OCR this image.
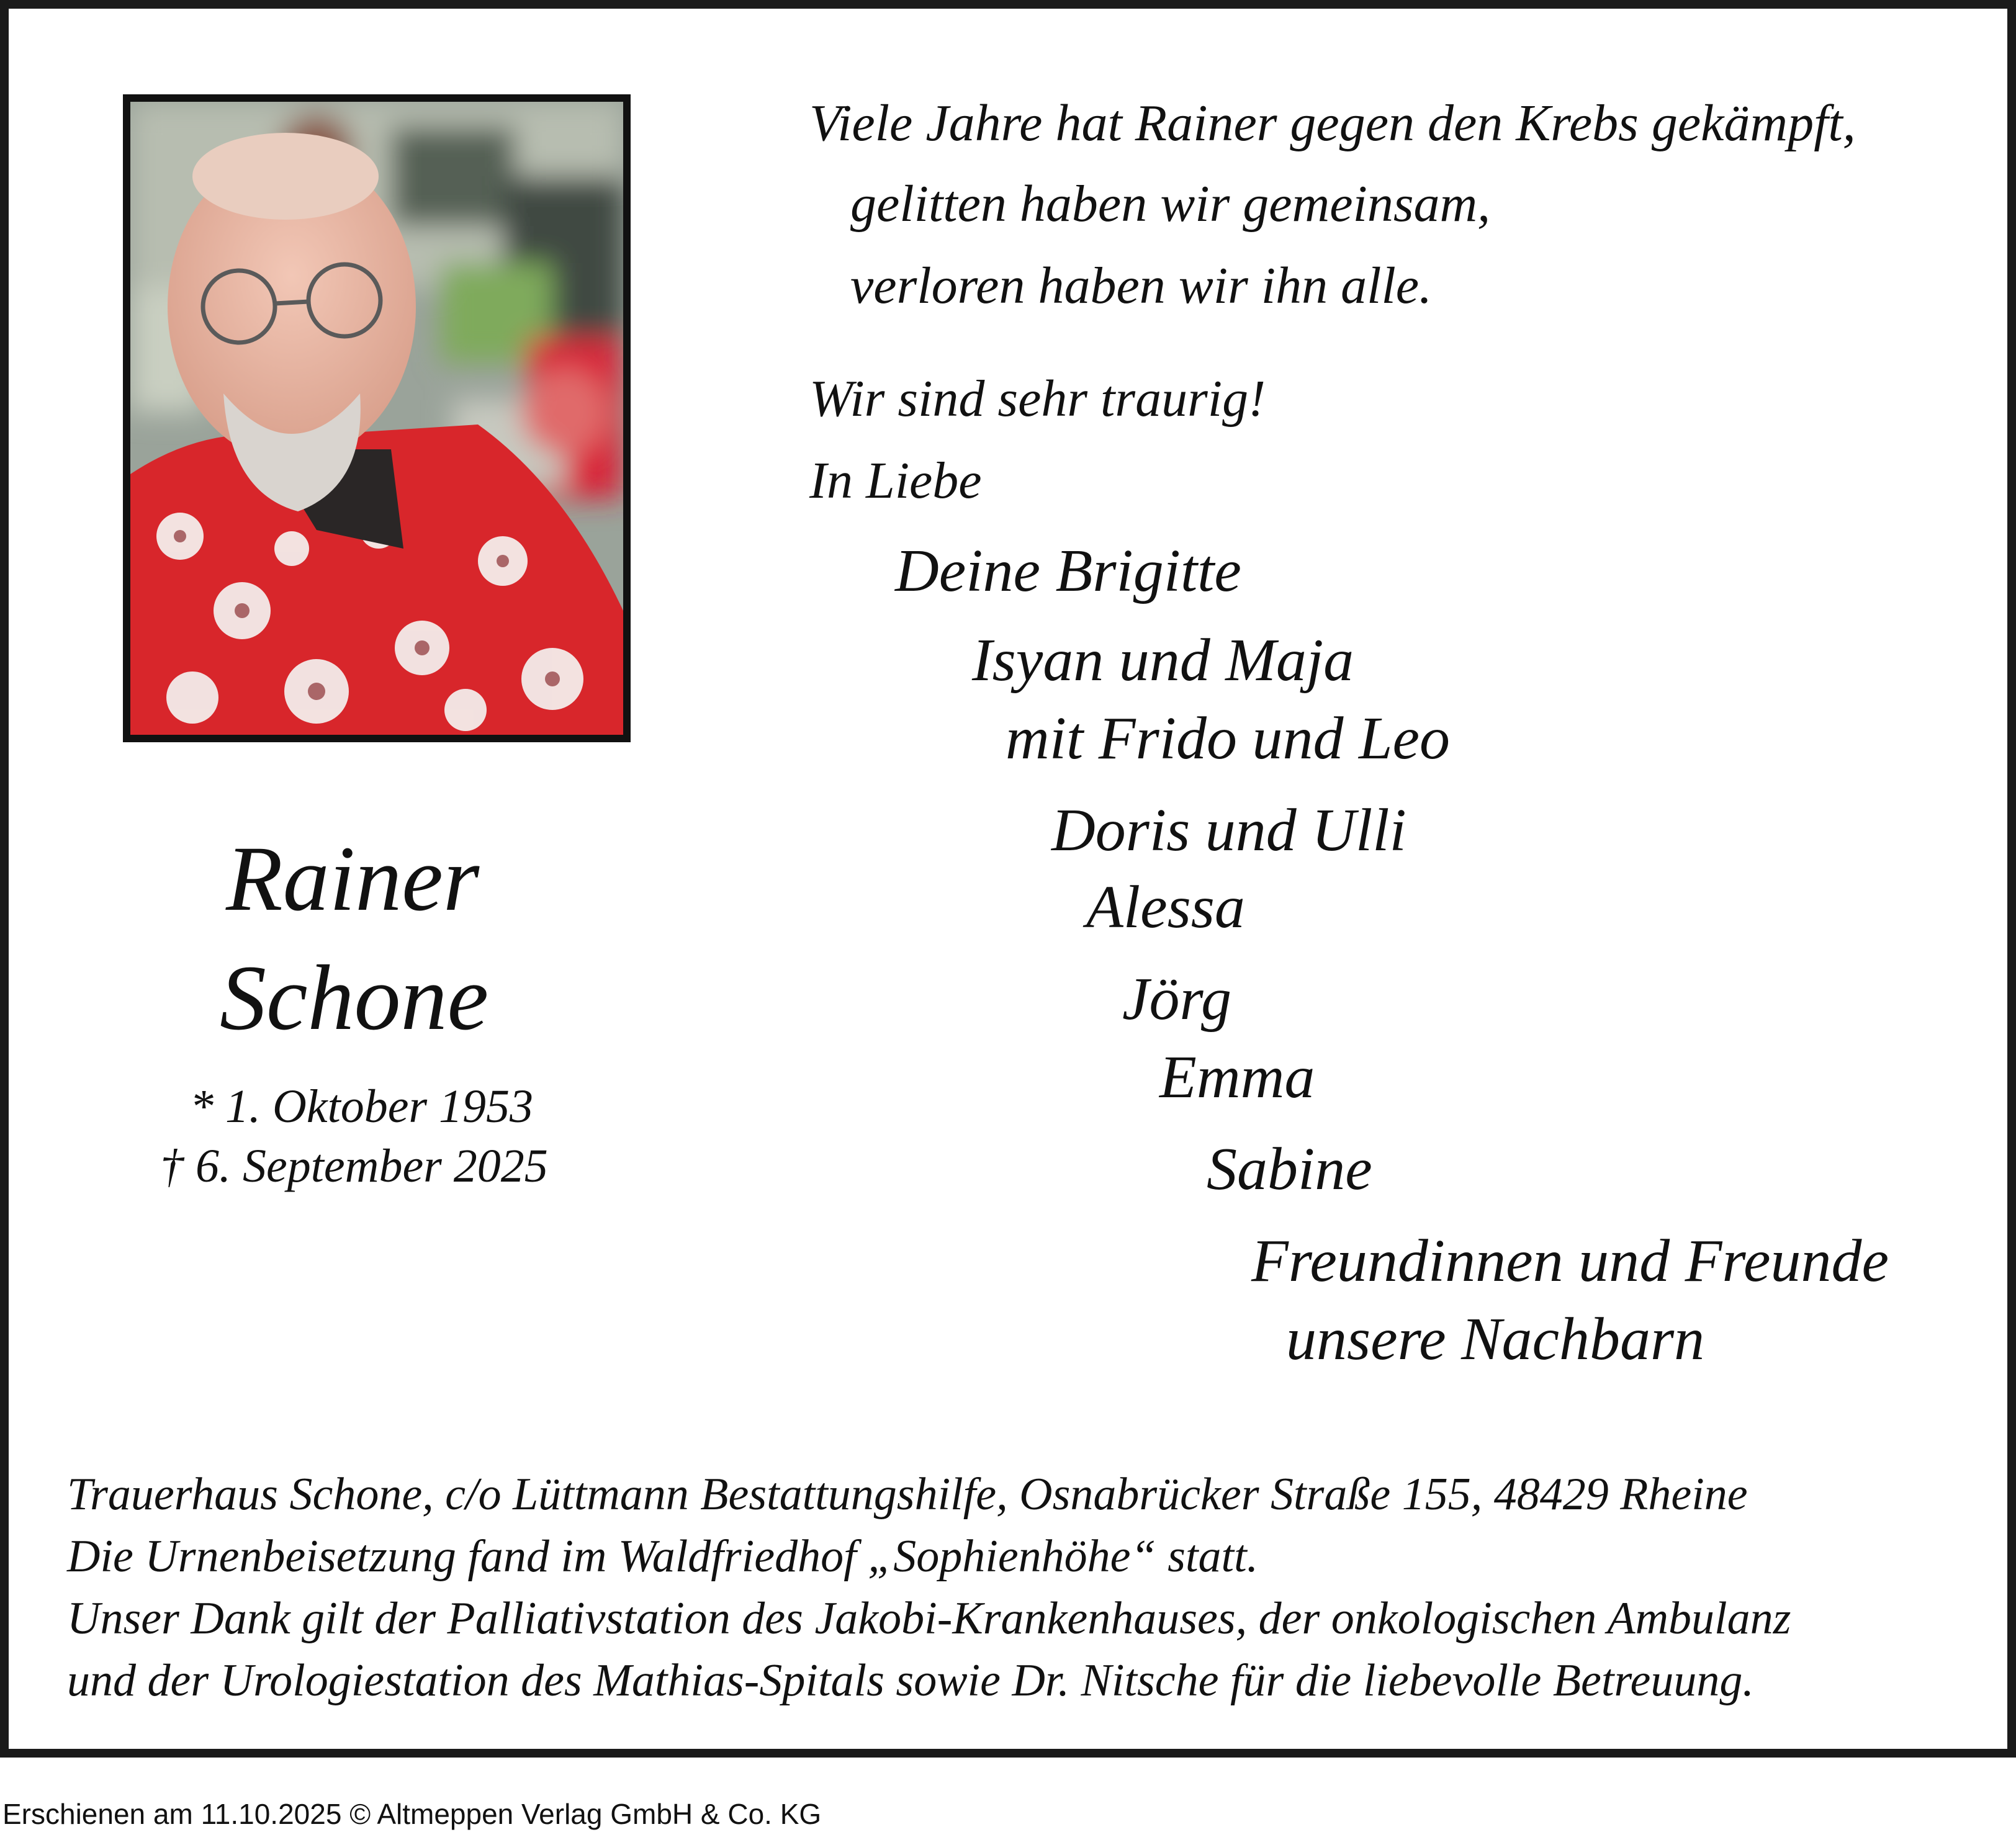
Rainer
Schone
* 1. Oktober 1953
† 6. September 2025
Viele Jahre hat Rainer gegen den Krebs gekämpft,
gelitten haben wir gemeinsam,
verloren haben wir ihn alle.
Wir sind sehr traurig!
In Liebe
Deine Brigitte
Isyan und Maja
mit Frido und Leo
Doris und Ulli
Alessa
Jörg
Emma
Sabine
Freundinnen und Freunde
unsere Nachbarn
Trauerhaus Schone, c/o Lüttmann Bestattungshilfe, Osnabrücker Straße 155, 48429 Rheine
Die Urnenbeisetzung fand im Waldfriedhof „Sophienhöhe“ statt.
Unser Dank gilt der Palliativstation des Jakobi-Krankenhauses, der onkologischen Ambulanz
und der Urologiestation des Mathias-Spitals sowie Dr. Nitsche für die liebevolle Betreuung.
Erschienen am 11.10.2025 © Altmeppen Verlag GmbH & Co. KG
